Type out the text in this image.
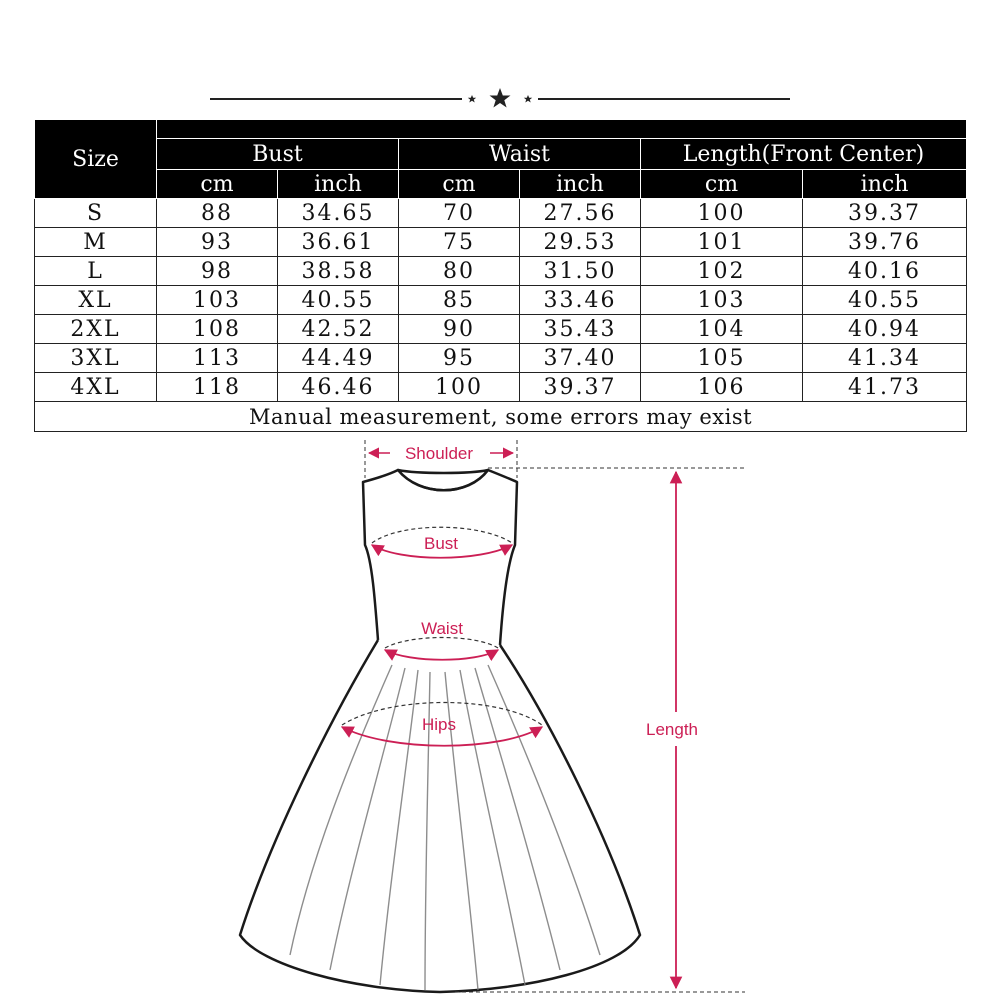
Size						
	Bust		Waist		Length(Front Center)	
	cm	inch	cm	inch	cm	inch
S	88	34.65	70	27.56	100	39.37
M	93	36.61	75	29.53	101	39.76
L	98	38.58	80	31.50	102	40.16
XL	103	40.55	85	33.46	103	40.55
2XL	108	42.52	90	35.43	104	40.94
3XL	113	44.49	95	37.40	105	41.34
4XL	118	46.46	100	39.37	106	41.73
Manual measurement, some errors may exist						
Shoulder
Bust
Waist
Hips	Length
